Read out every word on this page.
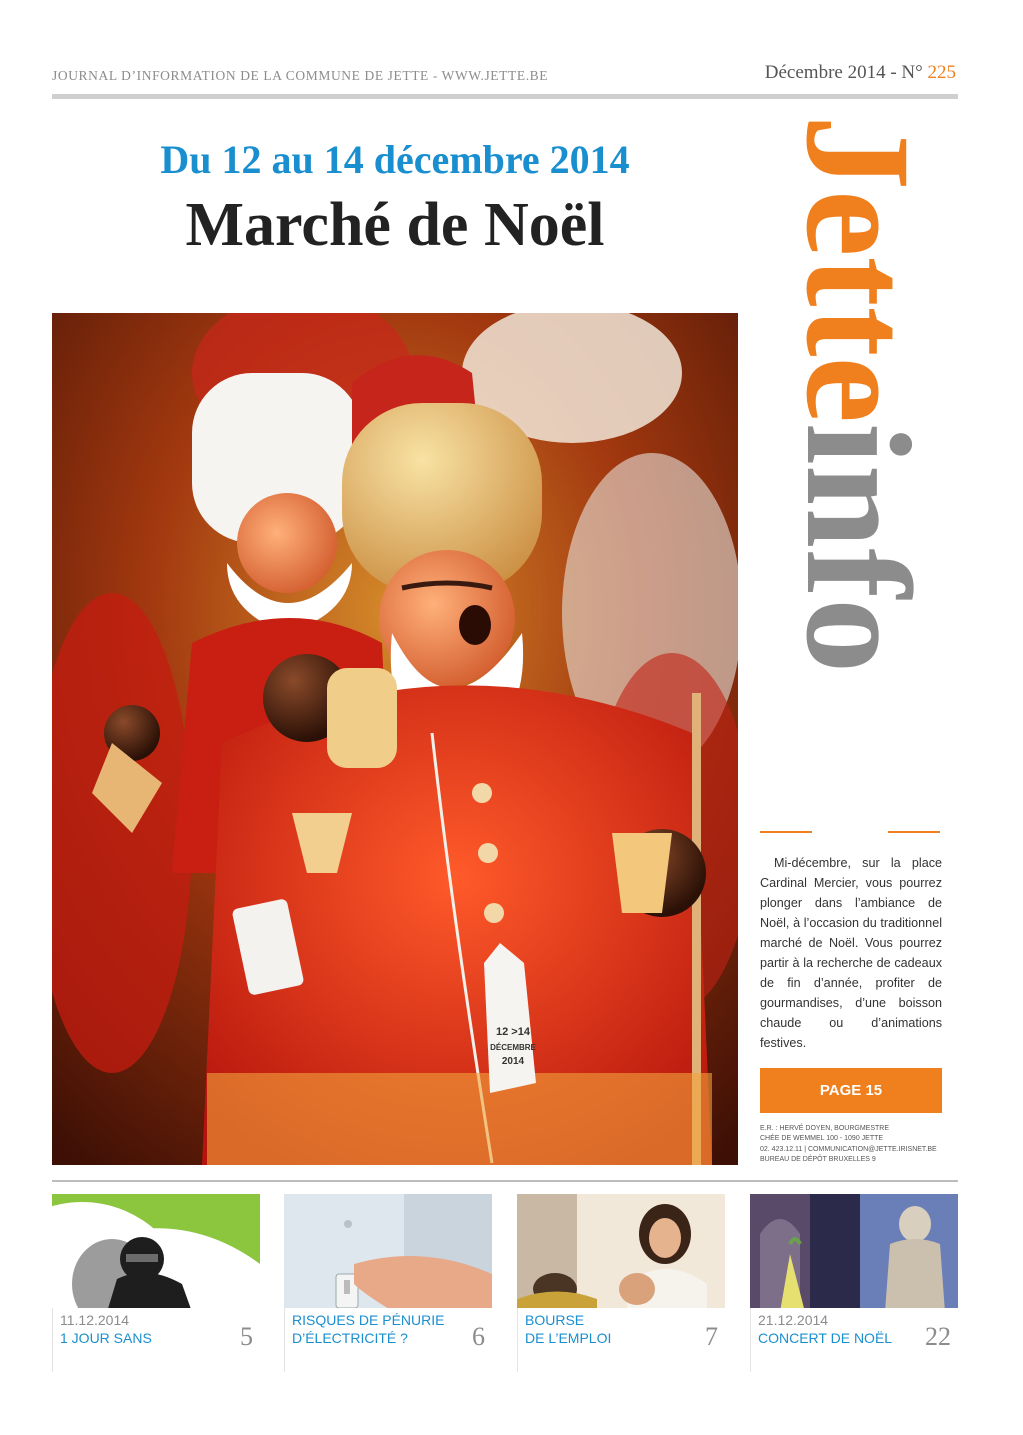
JOURNAL D’INFORMATION DE LA COMMUNE DE JETTE - WWW.JETTE.BE	Décembre 2014 - N° 225
Du 12 au 14 décembre 2014
Marché de Noël
12 >14
DÉCEMBRE
2014
Jetteinfo

Mi-décembre, sur la place Cardinal Mercier, vous pourrez plonger dans l’ambiance de Noël, à l’occasion du traditionnel marché de Noël. Vous pourrez partir à la recherche de cadeaux de fin d’année, profiter de gourmandises, d’une boisson chaude ou d’animations festives.

PAGE 15
E.R. : HERVÉ DOYEN, BOURGMESTRE
CHÉE DE WEMMEL 100 - 1090 JETTE
02. 423.12.11 | COMMUNICATION@JETTE.IRISNET.BE
BUREAU DE DÉPÔT BRUXELLES 9
11.12.2014
1 JOUR SANS	5
RISQUES DE PÉNURIE
D’ÉLECTRICITÉ ? 6
BOURSE
DE L’EMPLOI	7
21.12.2014
CONCERT DE NOËL 22
